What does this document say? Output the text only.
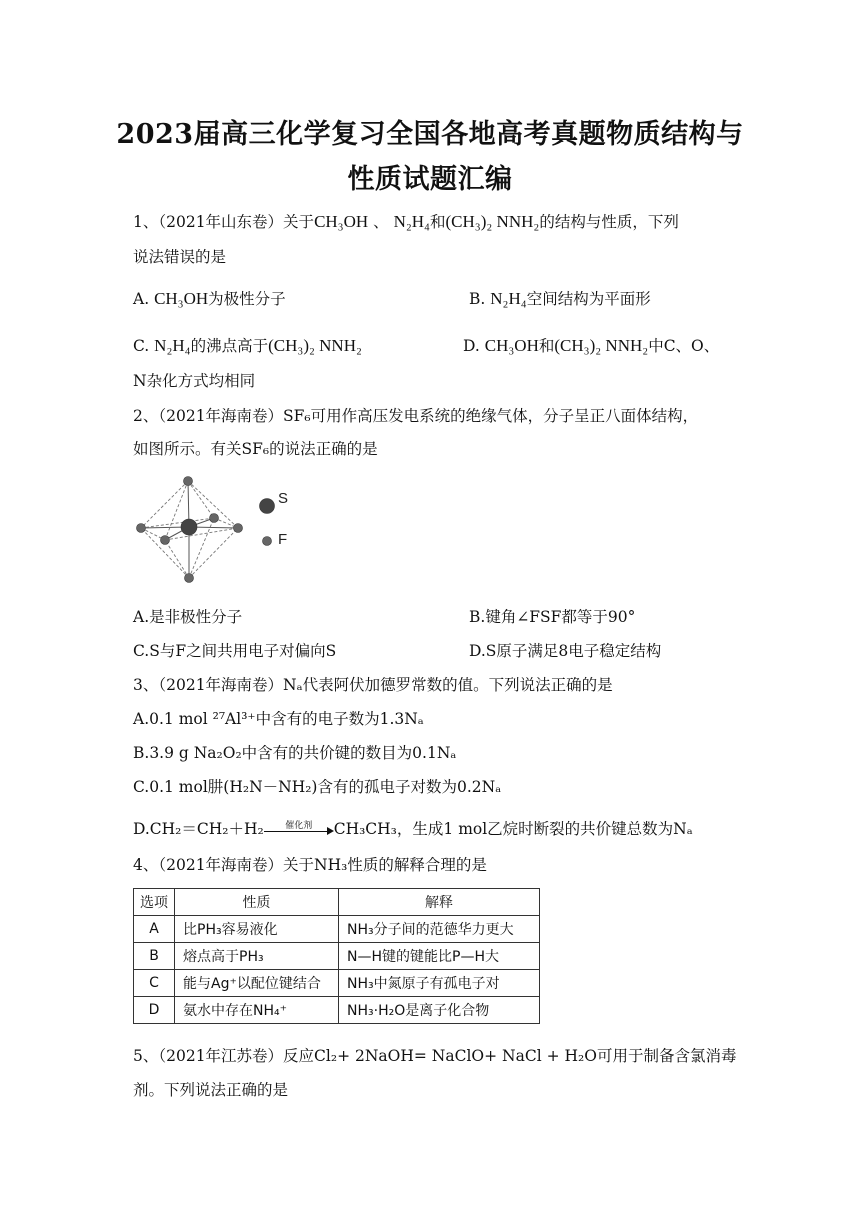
2023届高三化学复习全国各地高考真题物质结构与
性质试题汇编
1、（2021年山东卷）关于CH₃OH 、 N₂H₄和(CH₃)₂ NNH₂的结构与性质，下列
说法错误的是
A. CH₃OH为极性分子	B. N₂H₄空间结构为平面形
C. N₂H₄的沸点高于(CH₃)₂ NNH₂	D. CH₃OH和(CH₃)₂ NNH₂中C、O、
N杂化方式均相同
2、（2021年海南卷）SF₆可用作高压发电系统的绝缘气体，分子呈正八面体结构，
如图所示。有关SF₆的说法正确的是
S
F
A.是非极性分子	B.键角∠FSF都等于90°
C.S与F之间共用电子对偏向S	D.S原子满足8电子稳定结构
3、（2021年海南卷）Nₐ代表阿伏加德罗常数的值。下列说法正确的是
A.0.1 mol ²⁷Al³⁺中含有的电子数为1.3Nₐ
B.3.9 g Na₂O₂中含有的共价键的数目为0.1Nₐ
C.0.1 mol肼(H₂N－NH₂)含有的孤电子对数为0.2Nₐ
D.CH₂＝CH₂＋H₂	催化剂	CH₃CH₃，生成1 mol乙烷时断裂的共价键总数为Nₐ
4、（2021年海南卷）关于NH₃性质的解释合理的是
选项	性质	解释
A	比PH₃容易液化	NH₃分子间的范德华力更大
B	熔点高于PH₃	N—H键的键能比P—H大
C	能与Ag⁺以配位键结合	NH₃中氮原子有孤电子对
D	氨水中存在NH₄⁺	NH₃·H₂O是离子化合物
5、（2021年江苏卷）反应Cl₂+ 2NaOH= NaClO+ NaCl + H₂O可用于制备含氯消毒
剂。下列说法正确的是
